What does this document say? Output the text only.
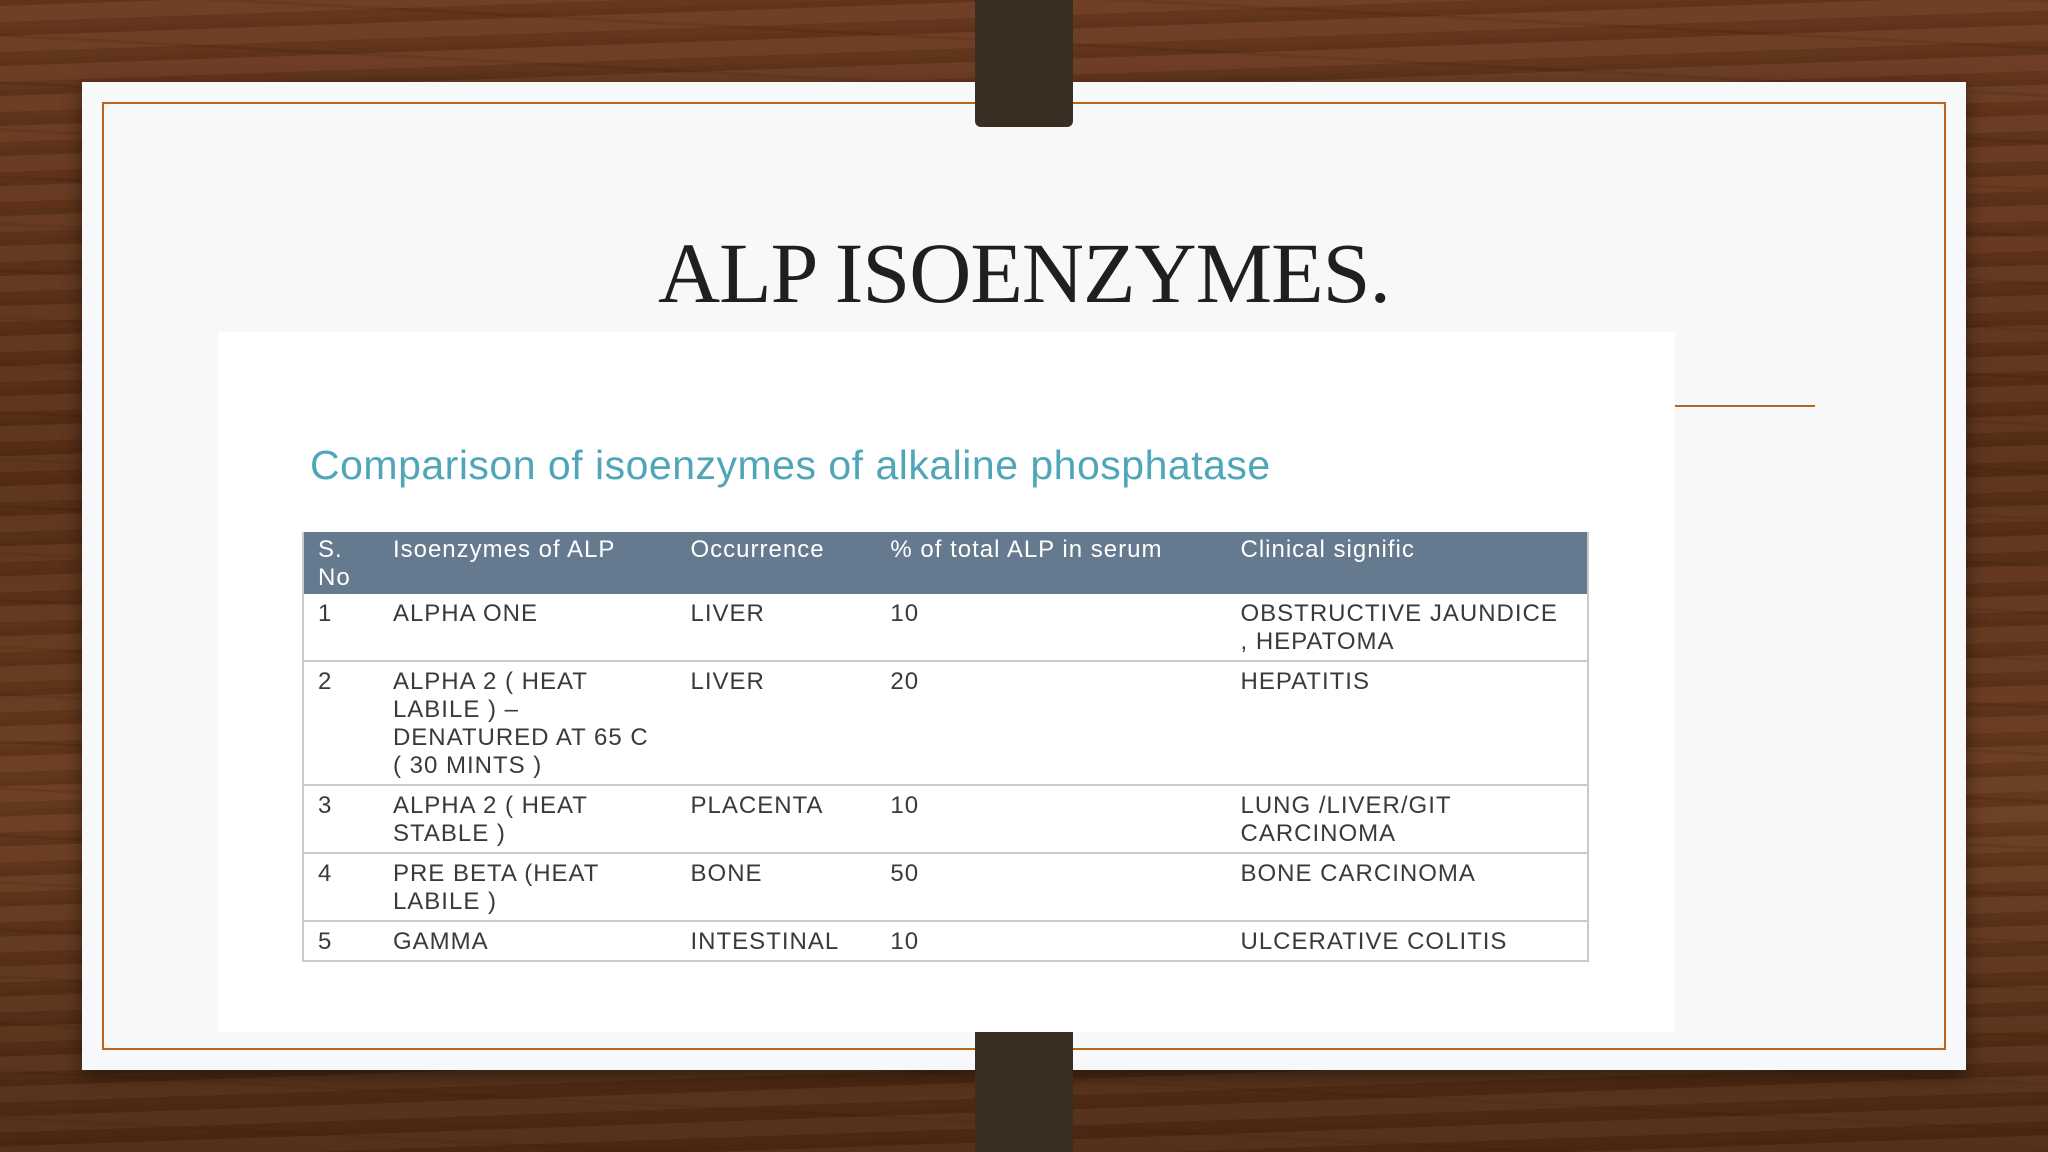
ALP ISOENZYMES.
Comparison of isoenzymes of alkaline phosphatase
S. No	Isoenzymes of ALP	Occurrence	% of total ALP in serum	Clinical signific
1	ALPHA ONE	LIVER	10	OBSTRUCTIVE JAUNDICE , HEPATOMA
2	ALPHA 2 ( HEAT LABILE ) – DENATURED AT 65 C ( 30 MINTS )	LIVER	20	HEPATITIS
3	ALPHA 2 ( HEAT STABLE )	PLACENTA	10	LUNG /LIVER/GIT CARCINOMA
4	PRE BETA (HEAT LABILE )	BONE	50	BONE CARCINOMA
5	GAMMA	INTESTINAL	10	ULCERATIVE COLITIS
